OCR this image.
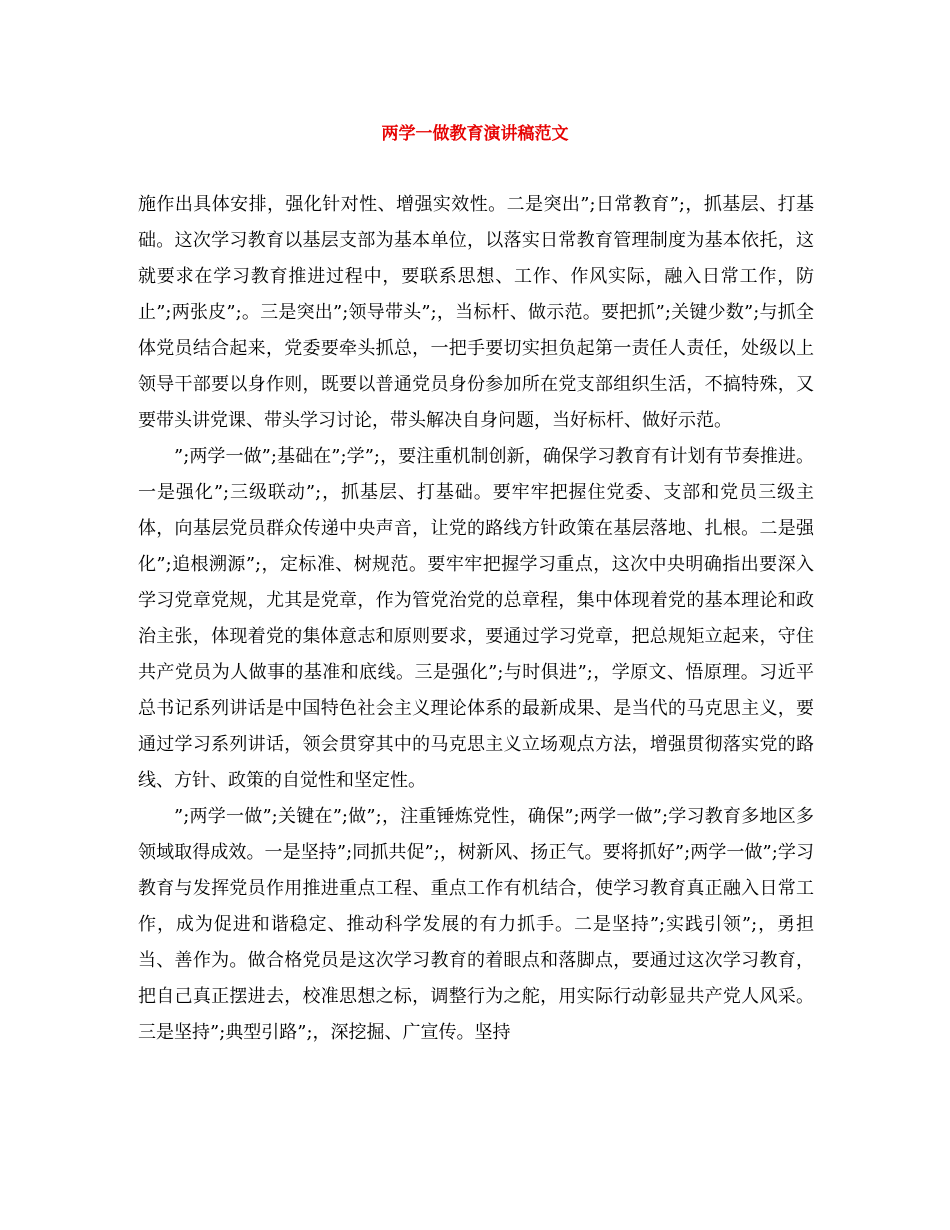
两学一做教育演讲稿范文

施作出具体安排，强化针对性、增强实效性。二是突出”;日常教育”;，抓基层、打基础。这次学习教育以基层支部为基本单位，以落实日常教育管理制度为基本依托，这就要求在学习教育推进过程中，要联系思想、工作、作风实际，融入日常工作，防止”;两张皮”;。三是突出”;领导带头”;，当标杆、做示范。要把抓”;关键少数”;与抓全体党员结合起来，党委要牵头抓总，一把手要切实担负起第一责任人责任，处级以上领导干部要以身作则，既要以普通党员身份参加所在党支部组织生活，不搞特殊，又要带头讲党课、带头学习讨论，带头解决自身问题，当好标杆、做好示范。

”;两学一做”;基础在”;学”;，要注重机制创新，确保学习教育有计划有节奏推进。一是强化”;三级联动”;，抓基层、打基础。要牢牢把握住党委、支部和党员三级主体，向基层党员群众传递中央声音，让党的路线方针政策在基层落地、扎根。二是强化”;追根溯源”;，定标准、树规范。要牢牢把握学习重点，这次中央明确指出要深入学习党章党规，尤其是党章，作为管党治党的总章程，集中体现着党的基本理论和政治主张，体现着党的集体意志和原则要求，要通过学习党章，把总规矩立起来，守住共产党员为人做事的基准和底线。三是强化”;与时俱进”;，学原文、悟原理。习近平总书记系列讲话是中国特色社会主义理论体系的最新成果、是当代的马克思主义，要通过学习系列讲话，领会贯穿其中的马克思主义立场观点方法，增强贯彻落实党的路线、方针、政策的自觉性和坚定性。

”;两学一做”;关键在”;做”;，注重锤炼党性，确保”;两学一做”;学习教育多地区多领域取得成效。一是坚持”;同抓共促”;，树新风、扬正气。要将抓好”;两学一做”;学习教育与发挥党员作用推进重点工程、重点工作有机结合，使学习教育真正融入日常工作，成为促进和谐稳定、推动科学发展的有力抓手。二是坚持”;实践引领”;，勇担当、善作为。做合格党员是这次学习教育的着眼点和落脚点，要通过这次学习教育，把自己真正摆进去，校准思想之标，调整行为之舵，用实际行动彰显共产党人风采。三是坚持”;典型引路”;，深挖掘、广宣传。坚持
